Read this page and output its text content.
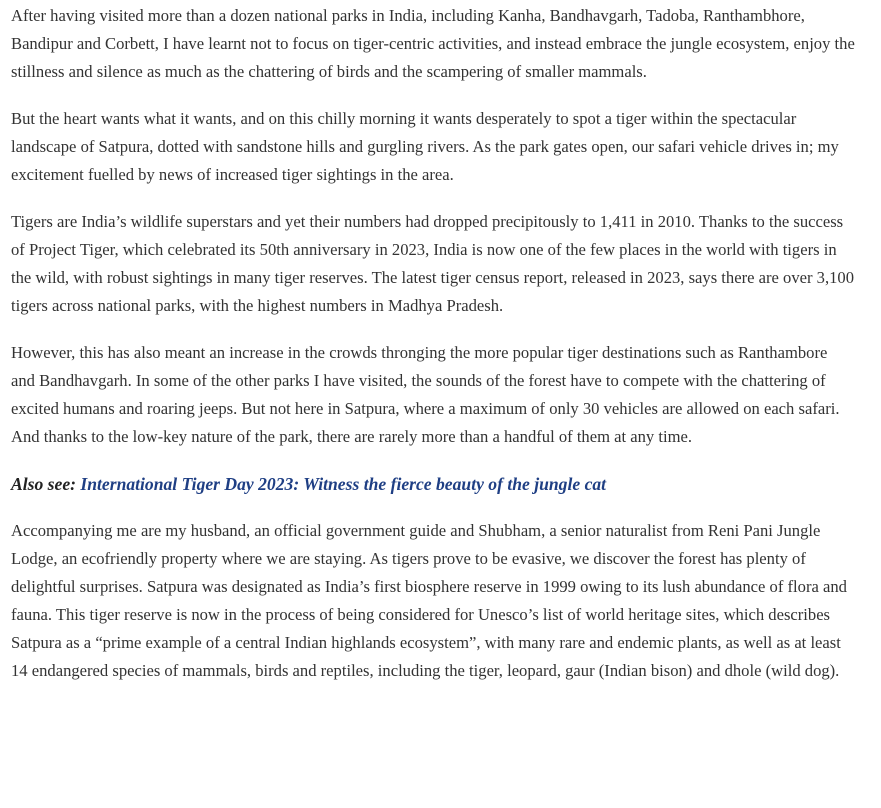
After having visited more than a dozen national parks in India, including Kanha, Bandhavgarh, Tadoba, Ranthambhore, Bandipur and Corbett, I have learnt not to focus on tiger-centric activities, and instead embrace the jungle ecosystem, enjoy the stillness and silence as much as the chattering of birds and the scampering of smaller mammals.

But the heart wants what it wants, and on this chilly morning it wants desperately to spot a tiger within the spectacular landscape of Satpura, dotted with sandstone hills and gurgling rivers. As the park gates open, our safari vehicle drives in; my excitement fuelled by news of increased tiger sightings in the area.

Tigers are India’s wildlife superstars and yet their numbers had dropped precipitously to 1,411 in 2010. Thanks to the success of Project Tiger, which celebrated its 50th anniversary in 2023, India is now one of the few places in the world with tigers in the wild, with robust sightings in many tiger reserves. The latest tiger census report, released in 2023, says there are over 3,100 tigers across national parks, with the highest numbers in Madhya Pradesh.

However, this has also meant an increase in the crowds thronging the more popular tiger destinations such as Ranthambore and Bandhavgarh. In some of the other parks I have visited, the sounds of the forest have to compete with the chattering of excited humans and roaring jeeps. But not here in Satpura, where a maximum of only 30 vehicles are allowed on each safari. And thanks to the low-key nature of the park, there are rarely more than a handful of them at any time.

Also see: International Tiger Day 2023: Witness the fierce beauty of the jungle cat

Accompanying me are my husband, an official government guide and Shubham, a senior naturalist from Reni Pani Jungle Lodge, an ecofriendly property where we are staying. As tigers prove to be evasive, we discover the forest has plenty of delightful surprises. Satpura was designated as India’s first biosphere reserve in 1999 owing to its lush abundance of flora and fauna. This tiger reserve is now in the process of being considered for Unesco’s list of world heritage sites, which describes Satpura as a “prime example of a central Indian highlands ecosystem”, with many rare and endemic plants, as well as at least 14 endangered species of mammals, birds and reptiles, including the tiger, leopard, gaur (Indian bison) and dhole (wild dog).
